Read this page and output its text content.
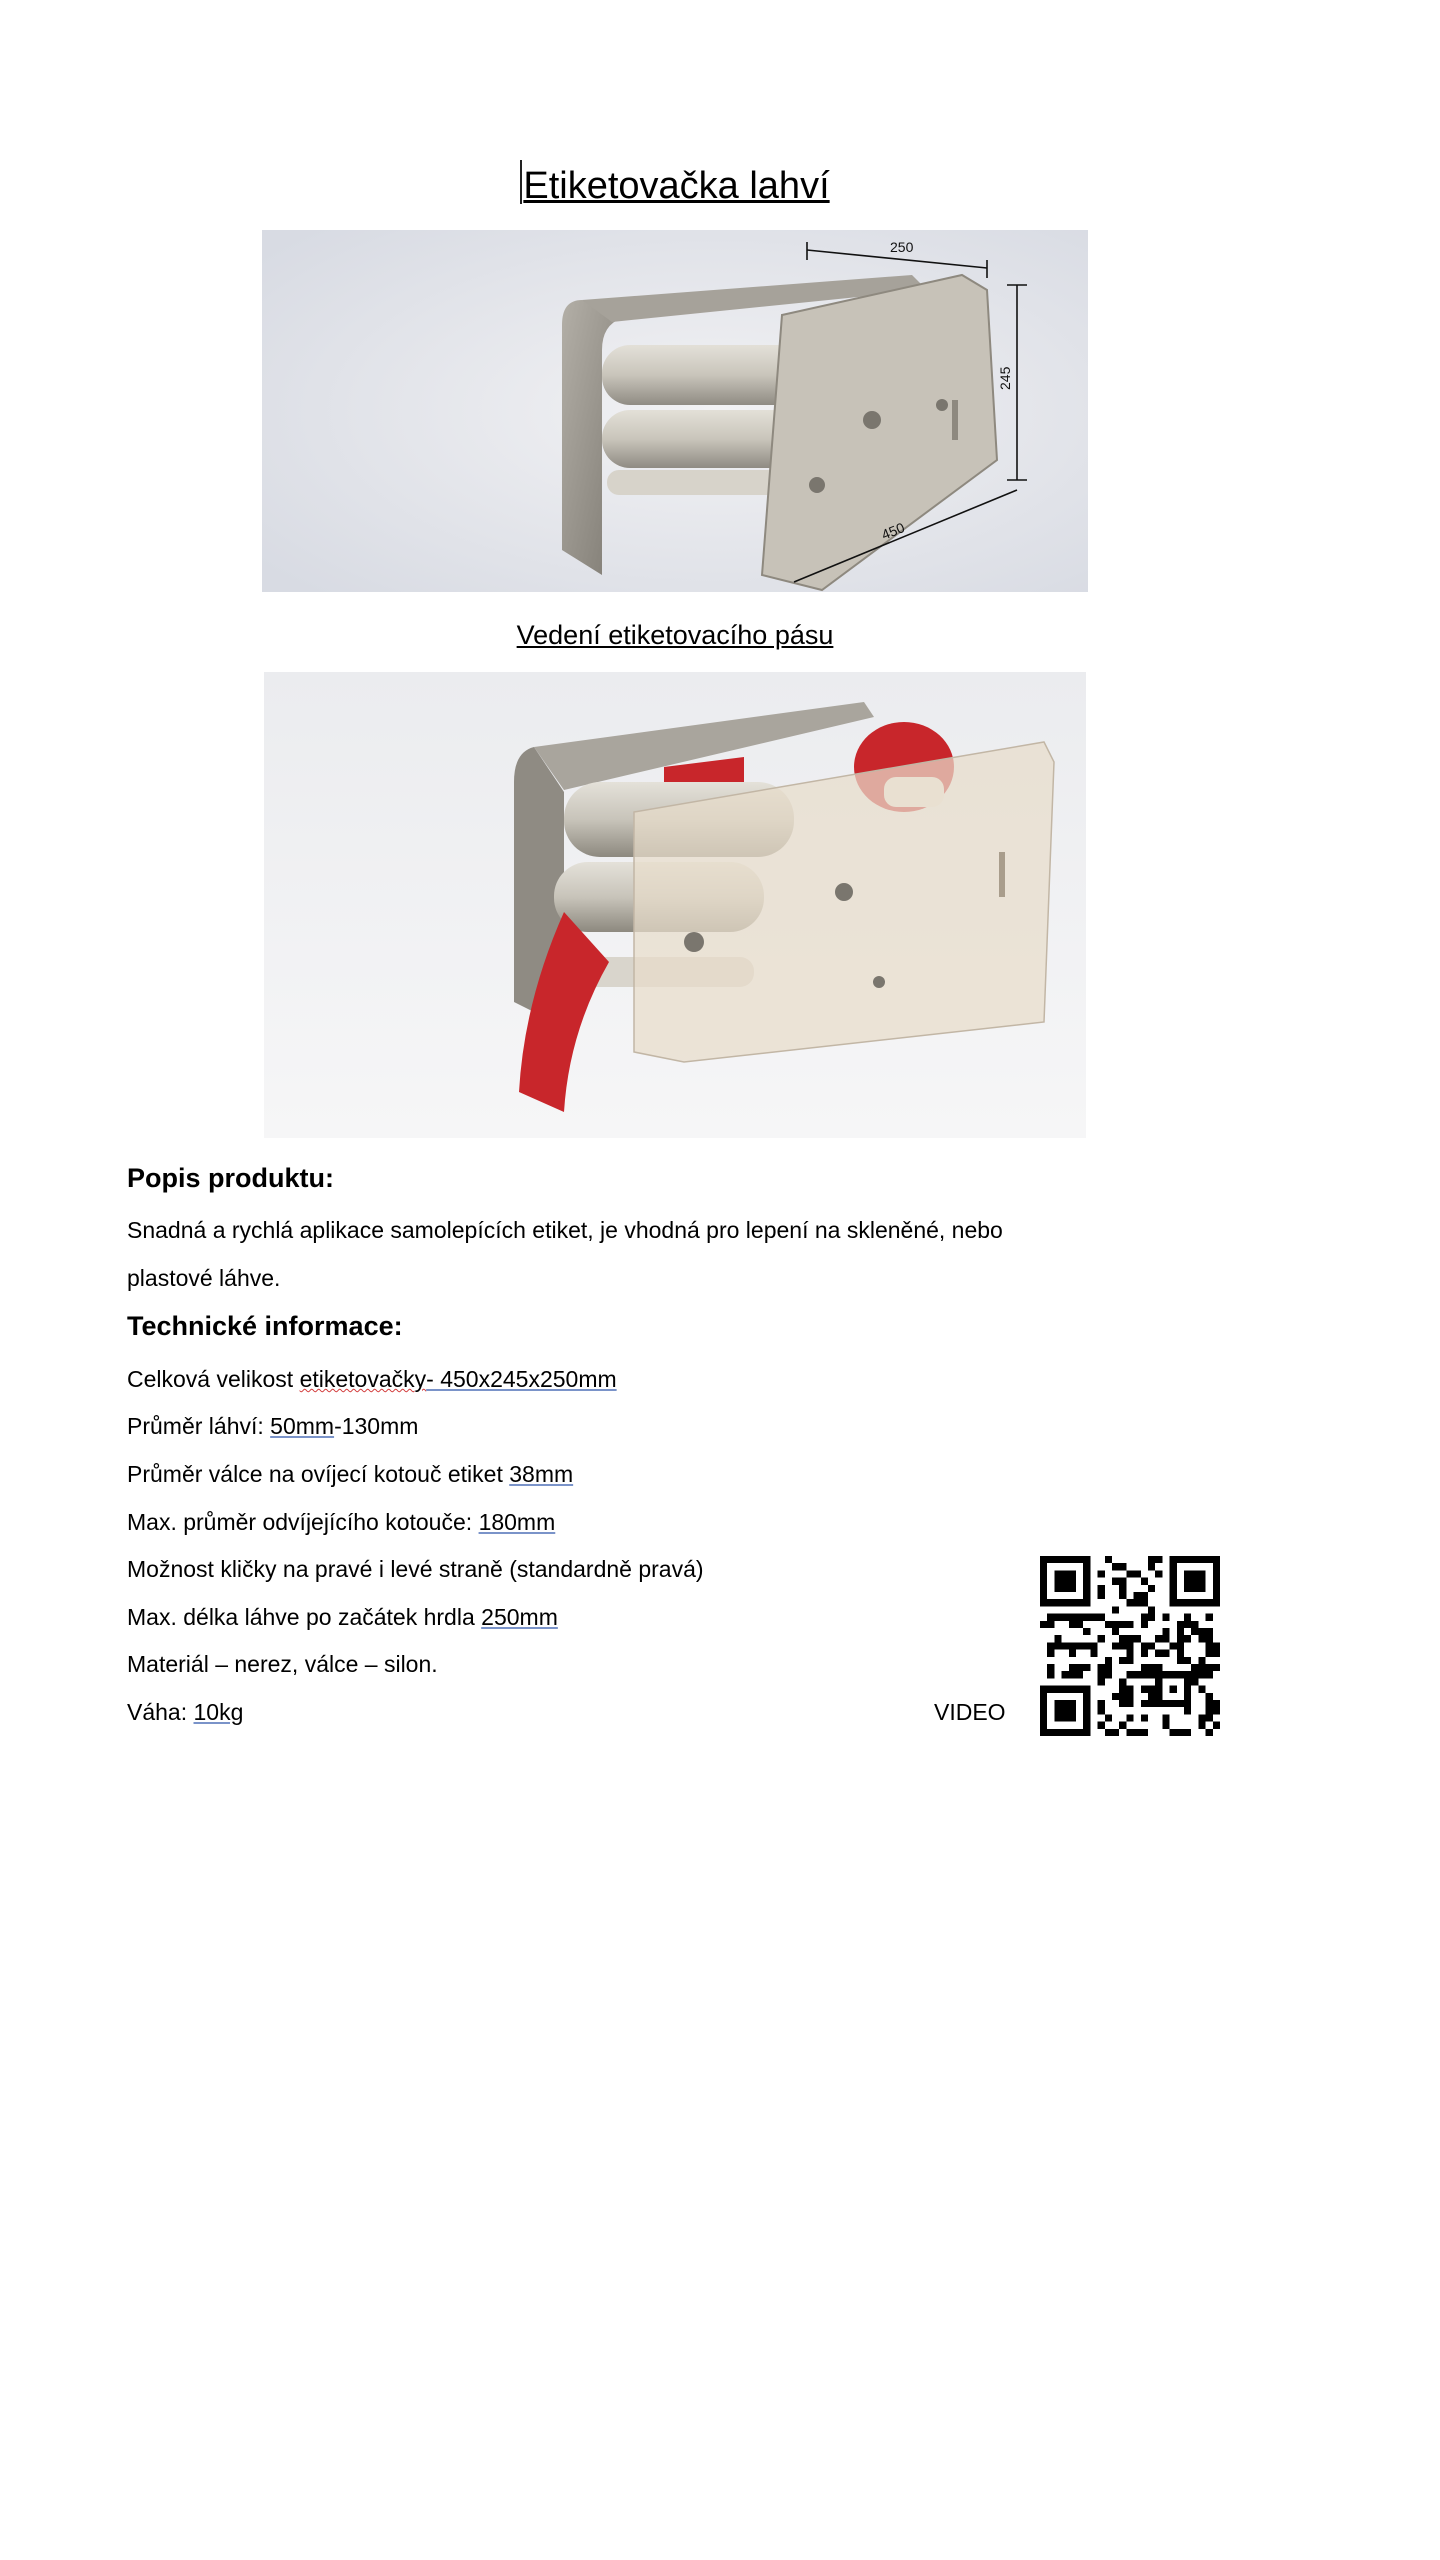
Etiketovačka lahví
250
245
450
Vedení etiketovacího pásu
Popis produktu:
Snadná a rychlá aplikace samolepících etiket, je vhodná pro lepení na skleněné, nebo
plastové láhve.
Technické informace:
Celková velikost etiketovačky- 450x245x250mm
Průměr láhví: 50mm-130mm
Průměr válce na ovíjecí kotouč etiket 38mm
Max. průměr odvíjejícího kotouče: 180mm
Možnost kličky na pravé i levé straně (standardně pravá)
Max. délka láhve po začátek hrdla 250mm
Materiál – nerez, válce – silon.
Váha: 10kg	VIDEO
